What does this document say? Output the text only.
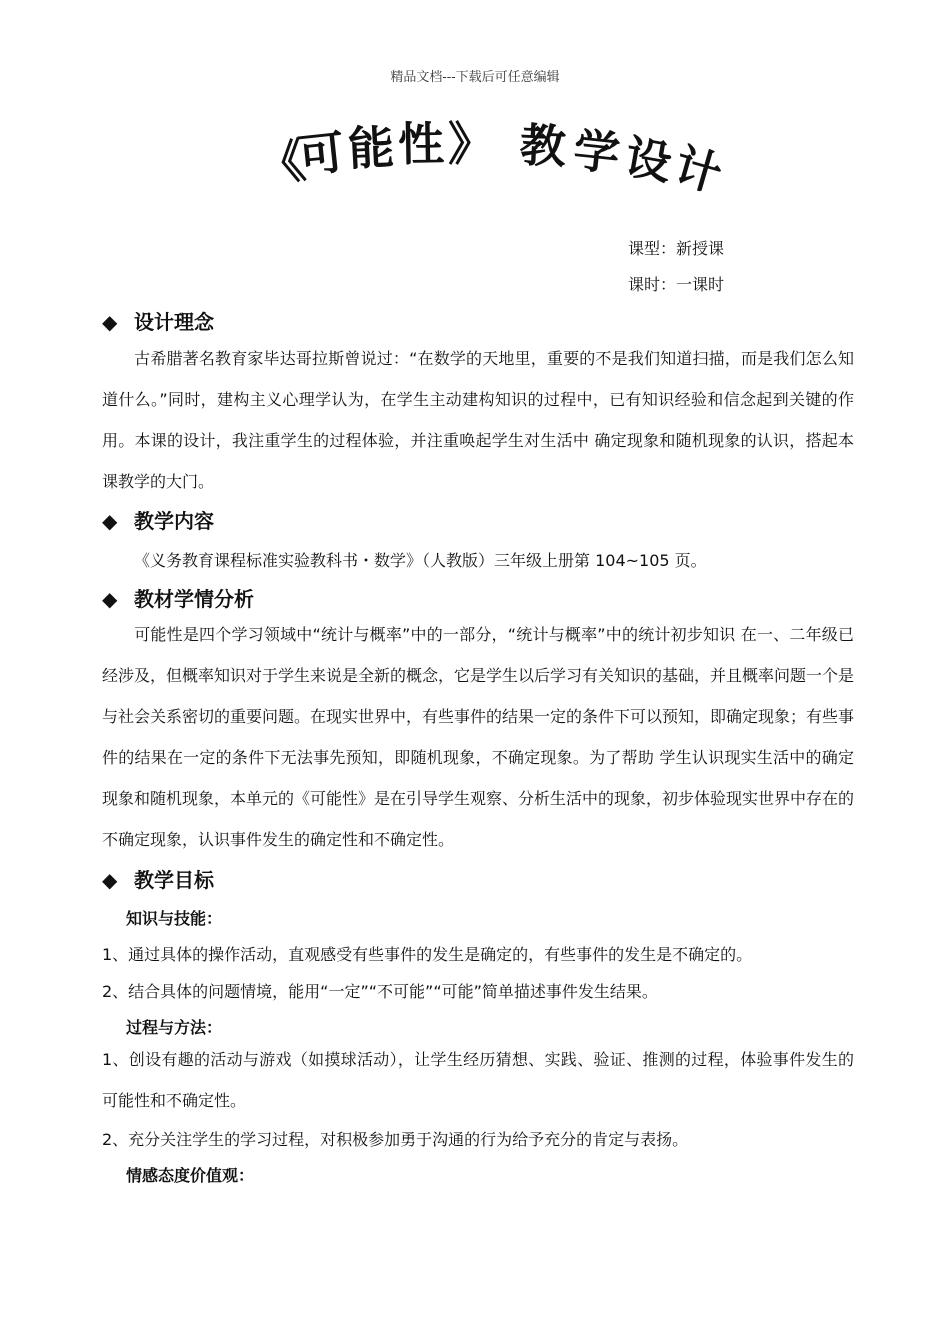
精品文档---下载后可任意编辑
《
可 能 性 》 教 学
设
计
课型：新授课
课时：一课时
◆ 设计理念
古希腊著名教育家毕达哥拉斯曾说过：“在数学的天地里，重要的不是我们知道扫描，而是我们怎么知道什么。”同时，建构主义心理学认为，在学生主动建构知识的过程中，已有知识经验和信念起到关键的作用。本课的设计，我注重学生的过程体验，并注重唤起学生对生活中 确定现象和随机现象的认识，搭起本课教学的大门。
◆ 教学内容
《义务教育课程标准实验教科书・数学》（人教版）三年级上册第 104~105 页。
◆ 教材学情分析
可能性是四个学习领域中“统计与概率”中的一部分，“统计与概率”中的统计初步知识 在一、二年级已经涉及，但概率知识对于学生来说是全新的概念，它是学生以后学习有关知识的基础，并且概率问题一个是与社会关系密切的重要问题。在现实世界中，有些事件的结果一定的条件下可以预知，即确定现象；有些事件的结果在一定的条件下无法事先预知，即随机现象，不确定现象。为了帮助 学生认识现实生活中的确定现象和随机现象，本单元的《可能性》是在引导学生观察、分析生活中的现象，初步体验现实世界中存在的不确定现象，认识事件发生的确定性和不确定性。
◆ 教学目标
知识与技能：
1、通过具体的操作活动，直观感受有些事件的发生是确定的，有些事件的发生是不确定的。
2、结合具体的问题情境，能用“一定”“不可能”“可能”简单描述事件发生结果。
过程与方法：
1、创设有趣的活动与游戏（如摸球活动），让学生经历猜想、实践、验证、推测的过程，体验事件发生的可能性和不确定性。
2、充分关注学生的学习过程，对积极参加勇于沟通的行为给予充分的肯定与表扬。
情感态度价值观：
